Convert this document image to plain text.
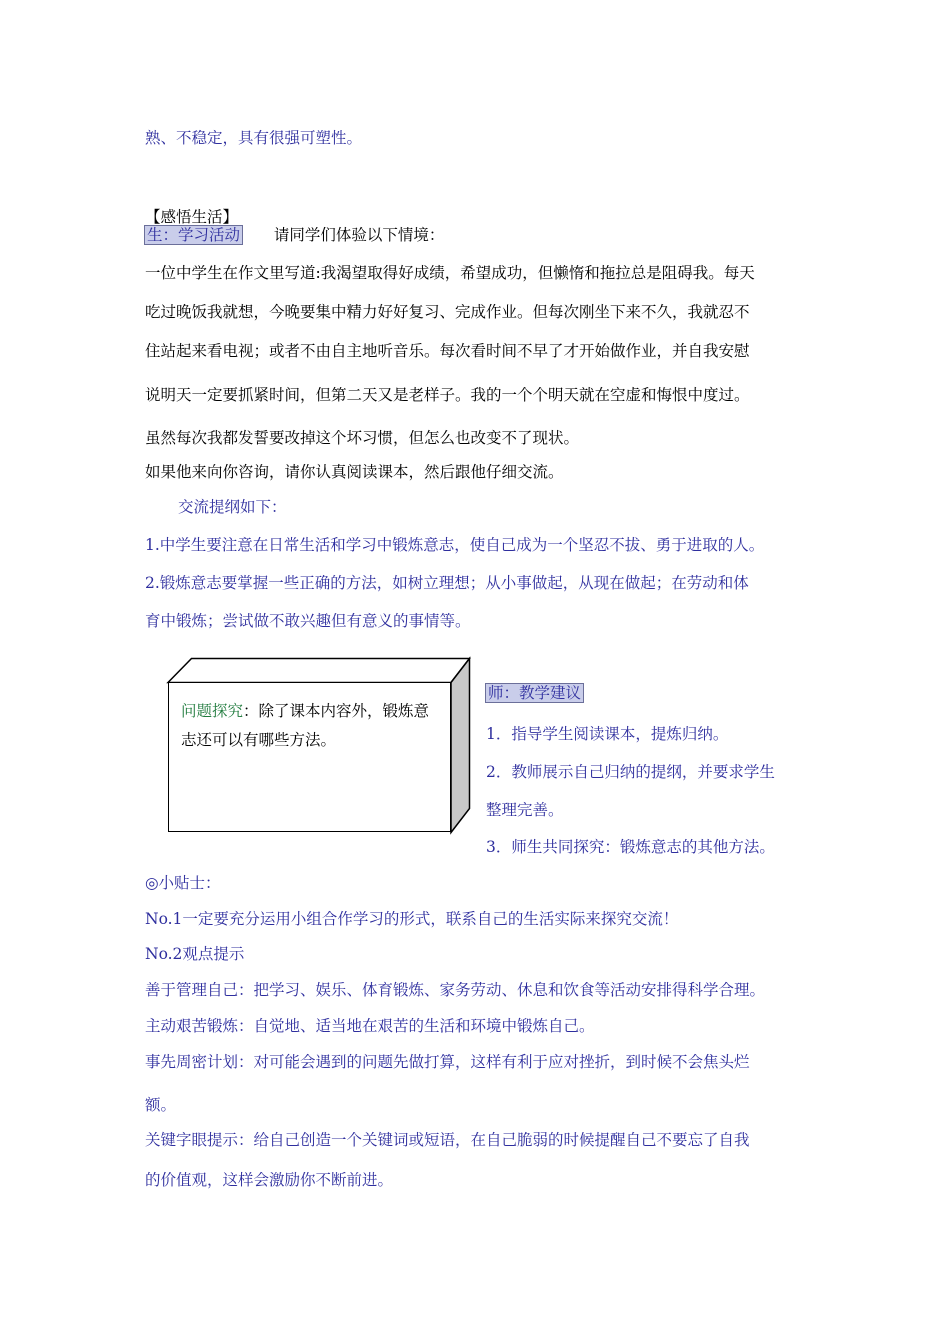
熟、不稳定，具有很强可塑性。
【感悟生活】
生：学习活动 请同学们体验以下情境：
一位中学生在作文里写道:我渴望取得好成绩，希望成功，但懒惰和拖拉总是阻碍我。每天
吃过晚饭我就想，今晚要集中精力好好复习、完成作业。但每次刚坐下来不久，我就忍不
住站起来看电视；或者不由自主地听音乐。每次看时间不早了才开始做作业，并自我安慰
说明天一定要抓紧时间，但第二天又是老样子。我的一个个明天就在空虚和悔恨中度过。
虽然每次我都发誓要改掉这个坏习惯，但怎么也改变不了现状。
如果他来向你咨询，请你认真阅读课本，然后跟他仔细交流。
交流提纲如下：
1.中学生要注意在日常生活和学习中锻炼意志，使自己成为一个坚忍不拔、勇于进取的人。
2.锻炼意志要掌握一些正确的方法，如树立理想；从小事做起，从现在做起；在劳动和体
育中锻炼；尝试做不敢兴趣但有意义的事情等。
问题探究：除了课本内容外，锻炼意志还可以有哪些方法。
师：教学建议
1．指导学生阅读课本，提炼归纳。
2．教师展示自己归纳的提纲，并要求学生
整理完善。
3．师生共同探究：锻炼意志的其他方法。
◎小贴士：
No.1一定要充分运用小组合作学习的形式，联系自己的生活实际来探究交流！
No.2观点提示
善于管理自己：把学习、娱乐、体育锻炼、家务劳动、休息和饮食等活动安排得科学合理。
主动艰苦锻炼：自觉地、适当地在艰苦的生活和环境中锻炼自己。
事先周密计划：对可能会遇到的问题先做打算，这样有利于应对挫折，到时候不会焦头烂
额。
关键字眼提示：给自己创造一个关键词或短语，在自己脆弱的时候提醒自己不要忘了自我
的价值观，这样会激励你不断前进。
